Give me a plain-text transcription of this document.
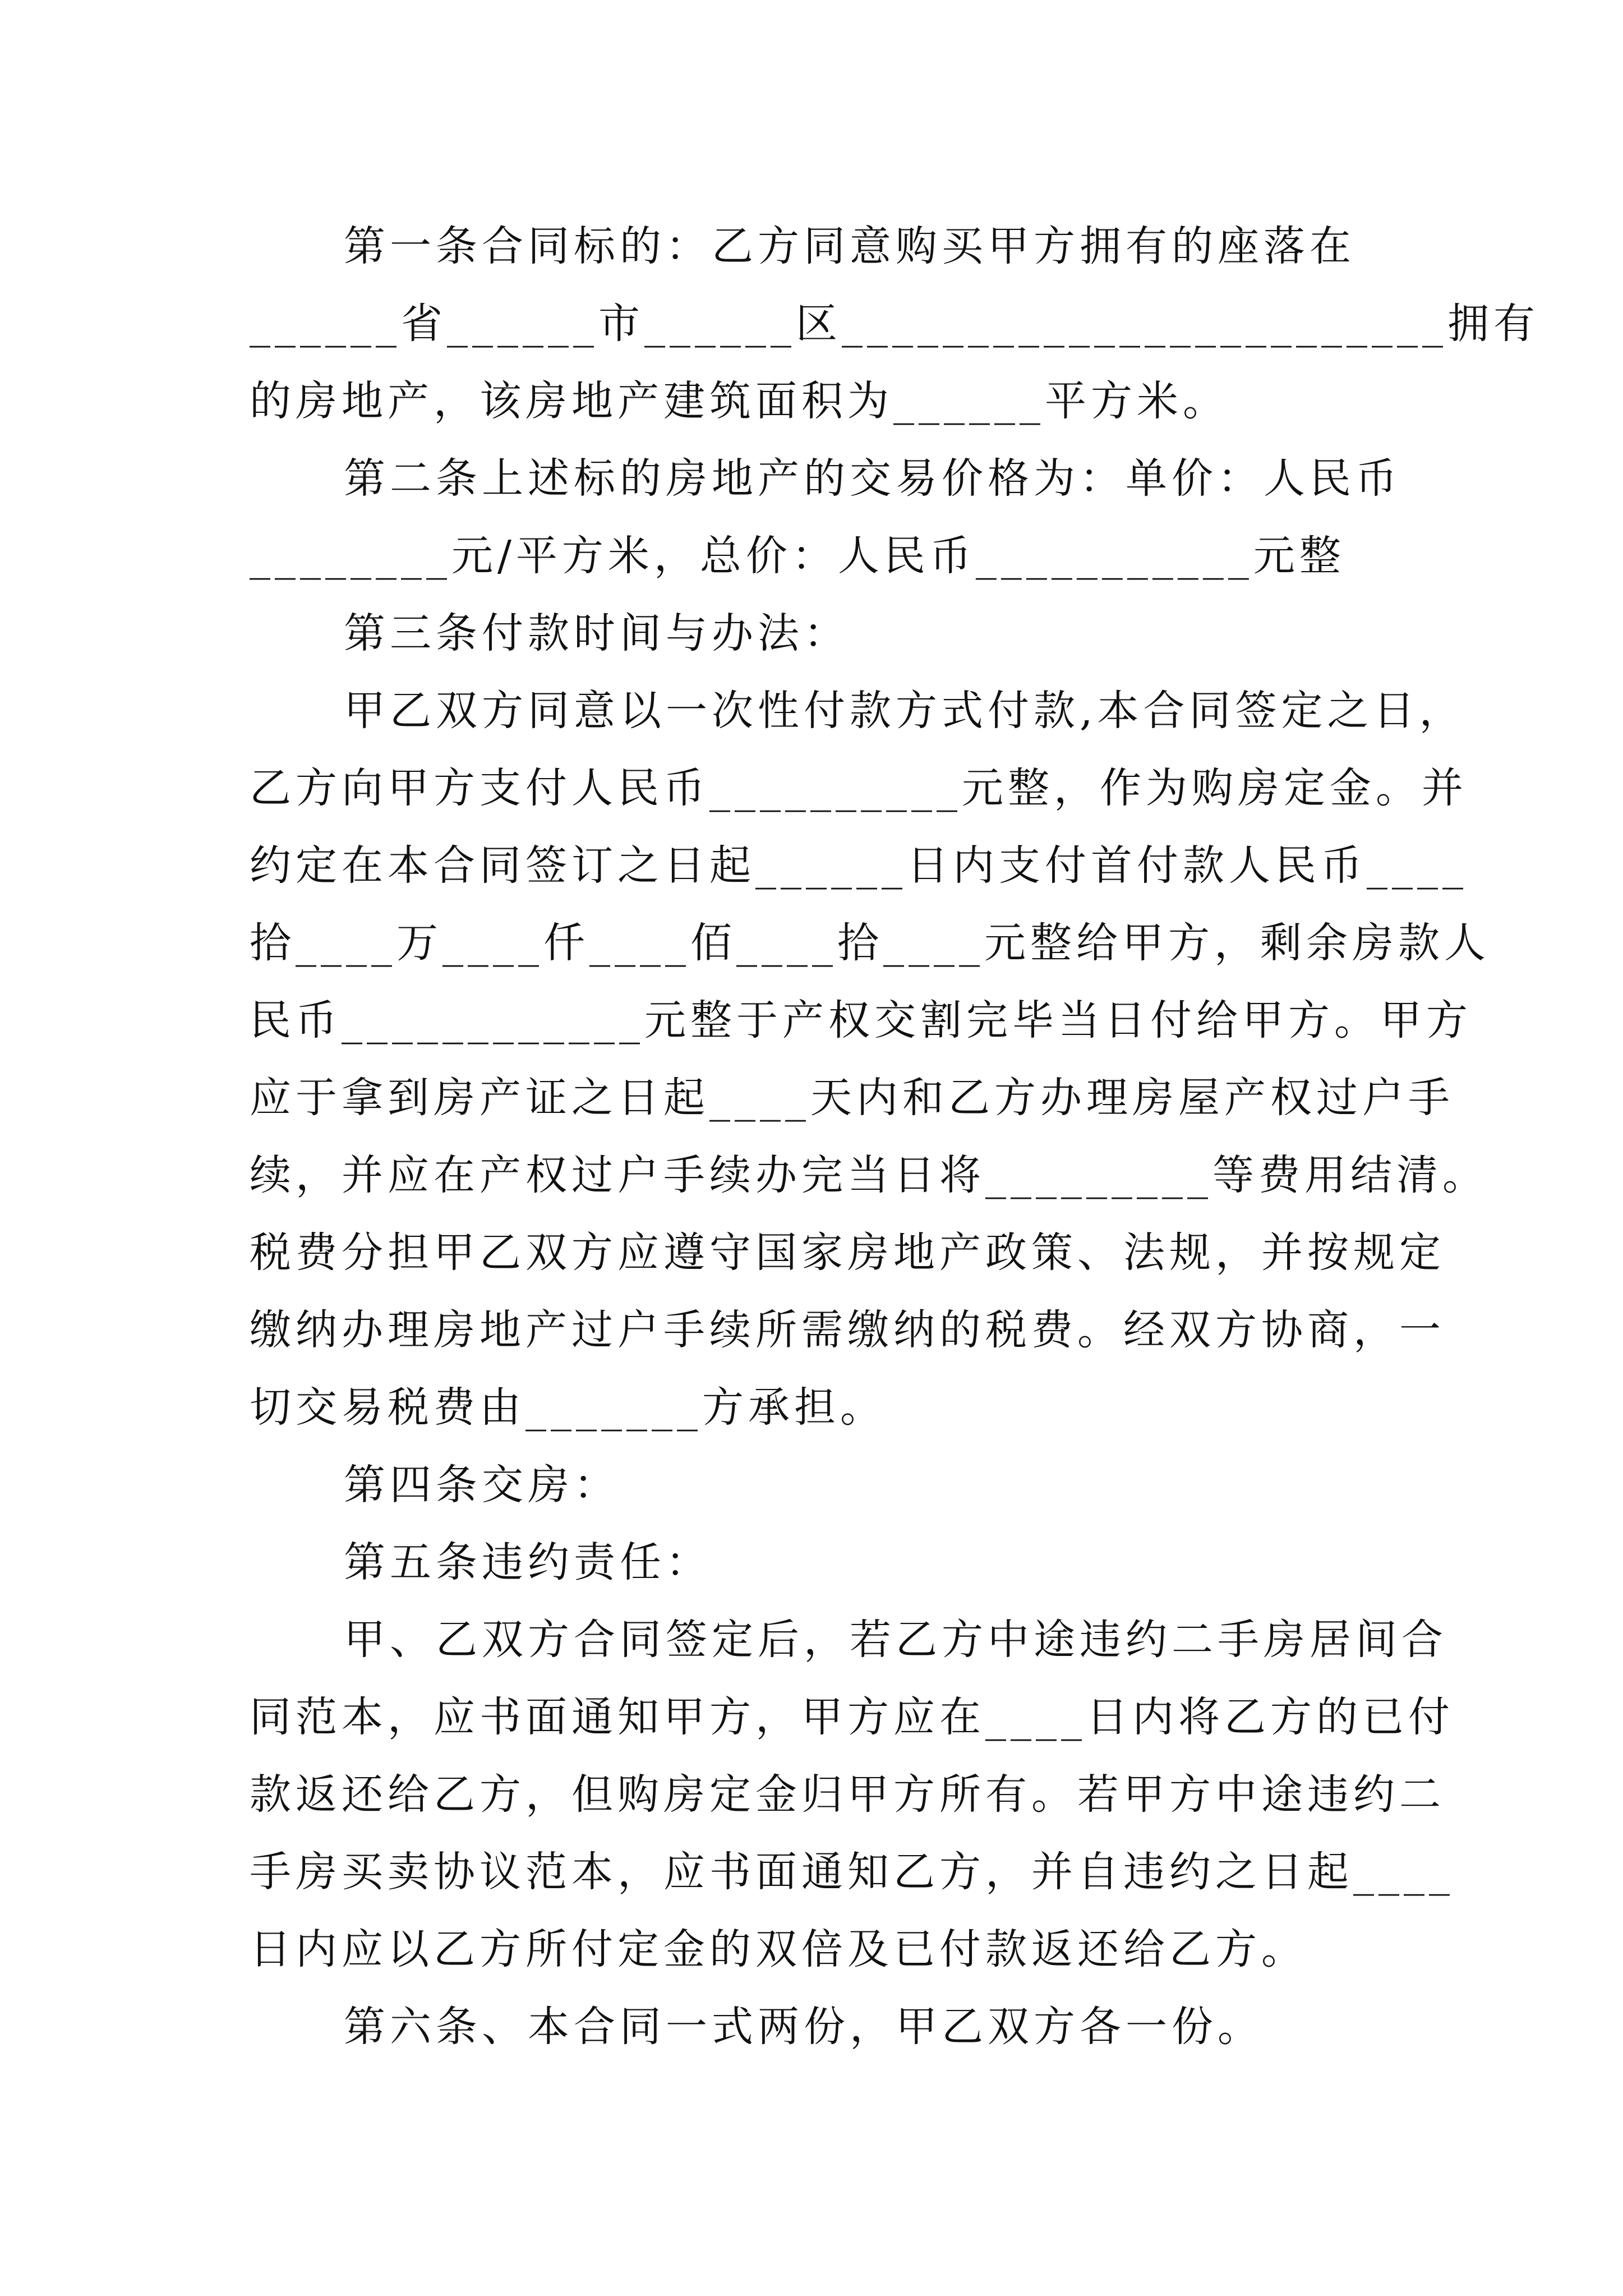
第一条合同标的：乙方同意购买甲方拥有的座落在
______省______市______区________________________拥有
的房地产，该房地产建筑面积为______平方米。
第二条上述标的房地产的交易价格为：单价：人民币
________元/平方米，总价：人民币___________元整
第三条付款时间与办法：
甲乙双方同意以一次性付款方式付款,本合同签定之日，
乙方向甲方支付人民币__________元整，作为购房定金。并
约定在本合同签订之日起______日内支付首付款人民币____
拾____万____仟____佰____拾____元整给甲方，剩余房款人
民币____________元整于产权交割完毕当日付给甲方。甲方
应于拿到房产证之日起____天内和乙方办理房屋产权过户手
续，并应在产权过户手续办完当日将_________等费用结清。
税费分担甲乙双方应遵守国家房地产政策、法规，并按规定
缴纳办理房地产过户手续所需缴纳的税费。经双方协商，一
切交易税费由_______方承担。
第四条交房：
第五条违约责任：
甲、乙双方合同签定后，若乙方中途违约二手房居间合
同范本，应书面通知甲方，甲方应在____日内将乙方的已付
款返还给乙方，但购房定金归甲方所有。若甲方中途违约二
手房买卖协议范本，应书面通知乙方，并自违约之日起____
日内应以乙方所付定金的双倍及已付款返还给乙方。
第六条、本合同一式两份，甲乙双方各一份。
